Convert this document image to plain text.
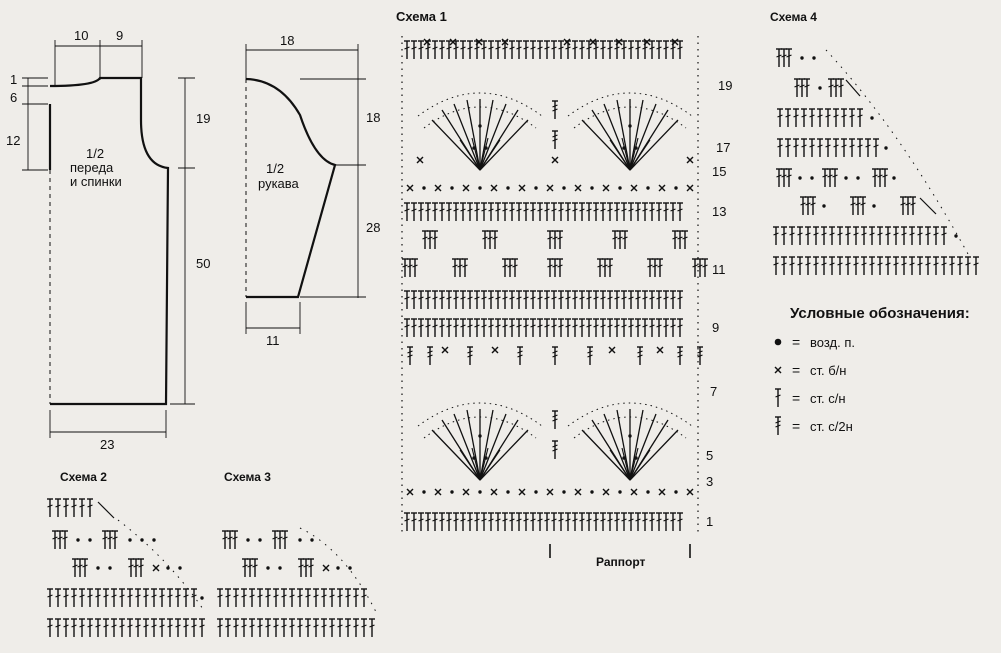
10 9
1
6
12
19
50
23
1/2
переда
и спинки
18
18
28
11
1/2
рукава
Схема 1
Раппорт
19
17
15
13
11
9
7
5
3
1
Схема 2	Схема 3
Схема 4
Условные обозначения:
= возд. п.
= ст. б/н
= ст. с/н
= ст. с/2н
